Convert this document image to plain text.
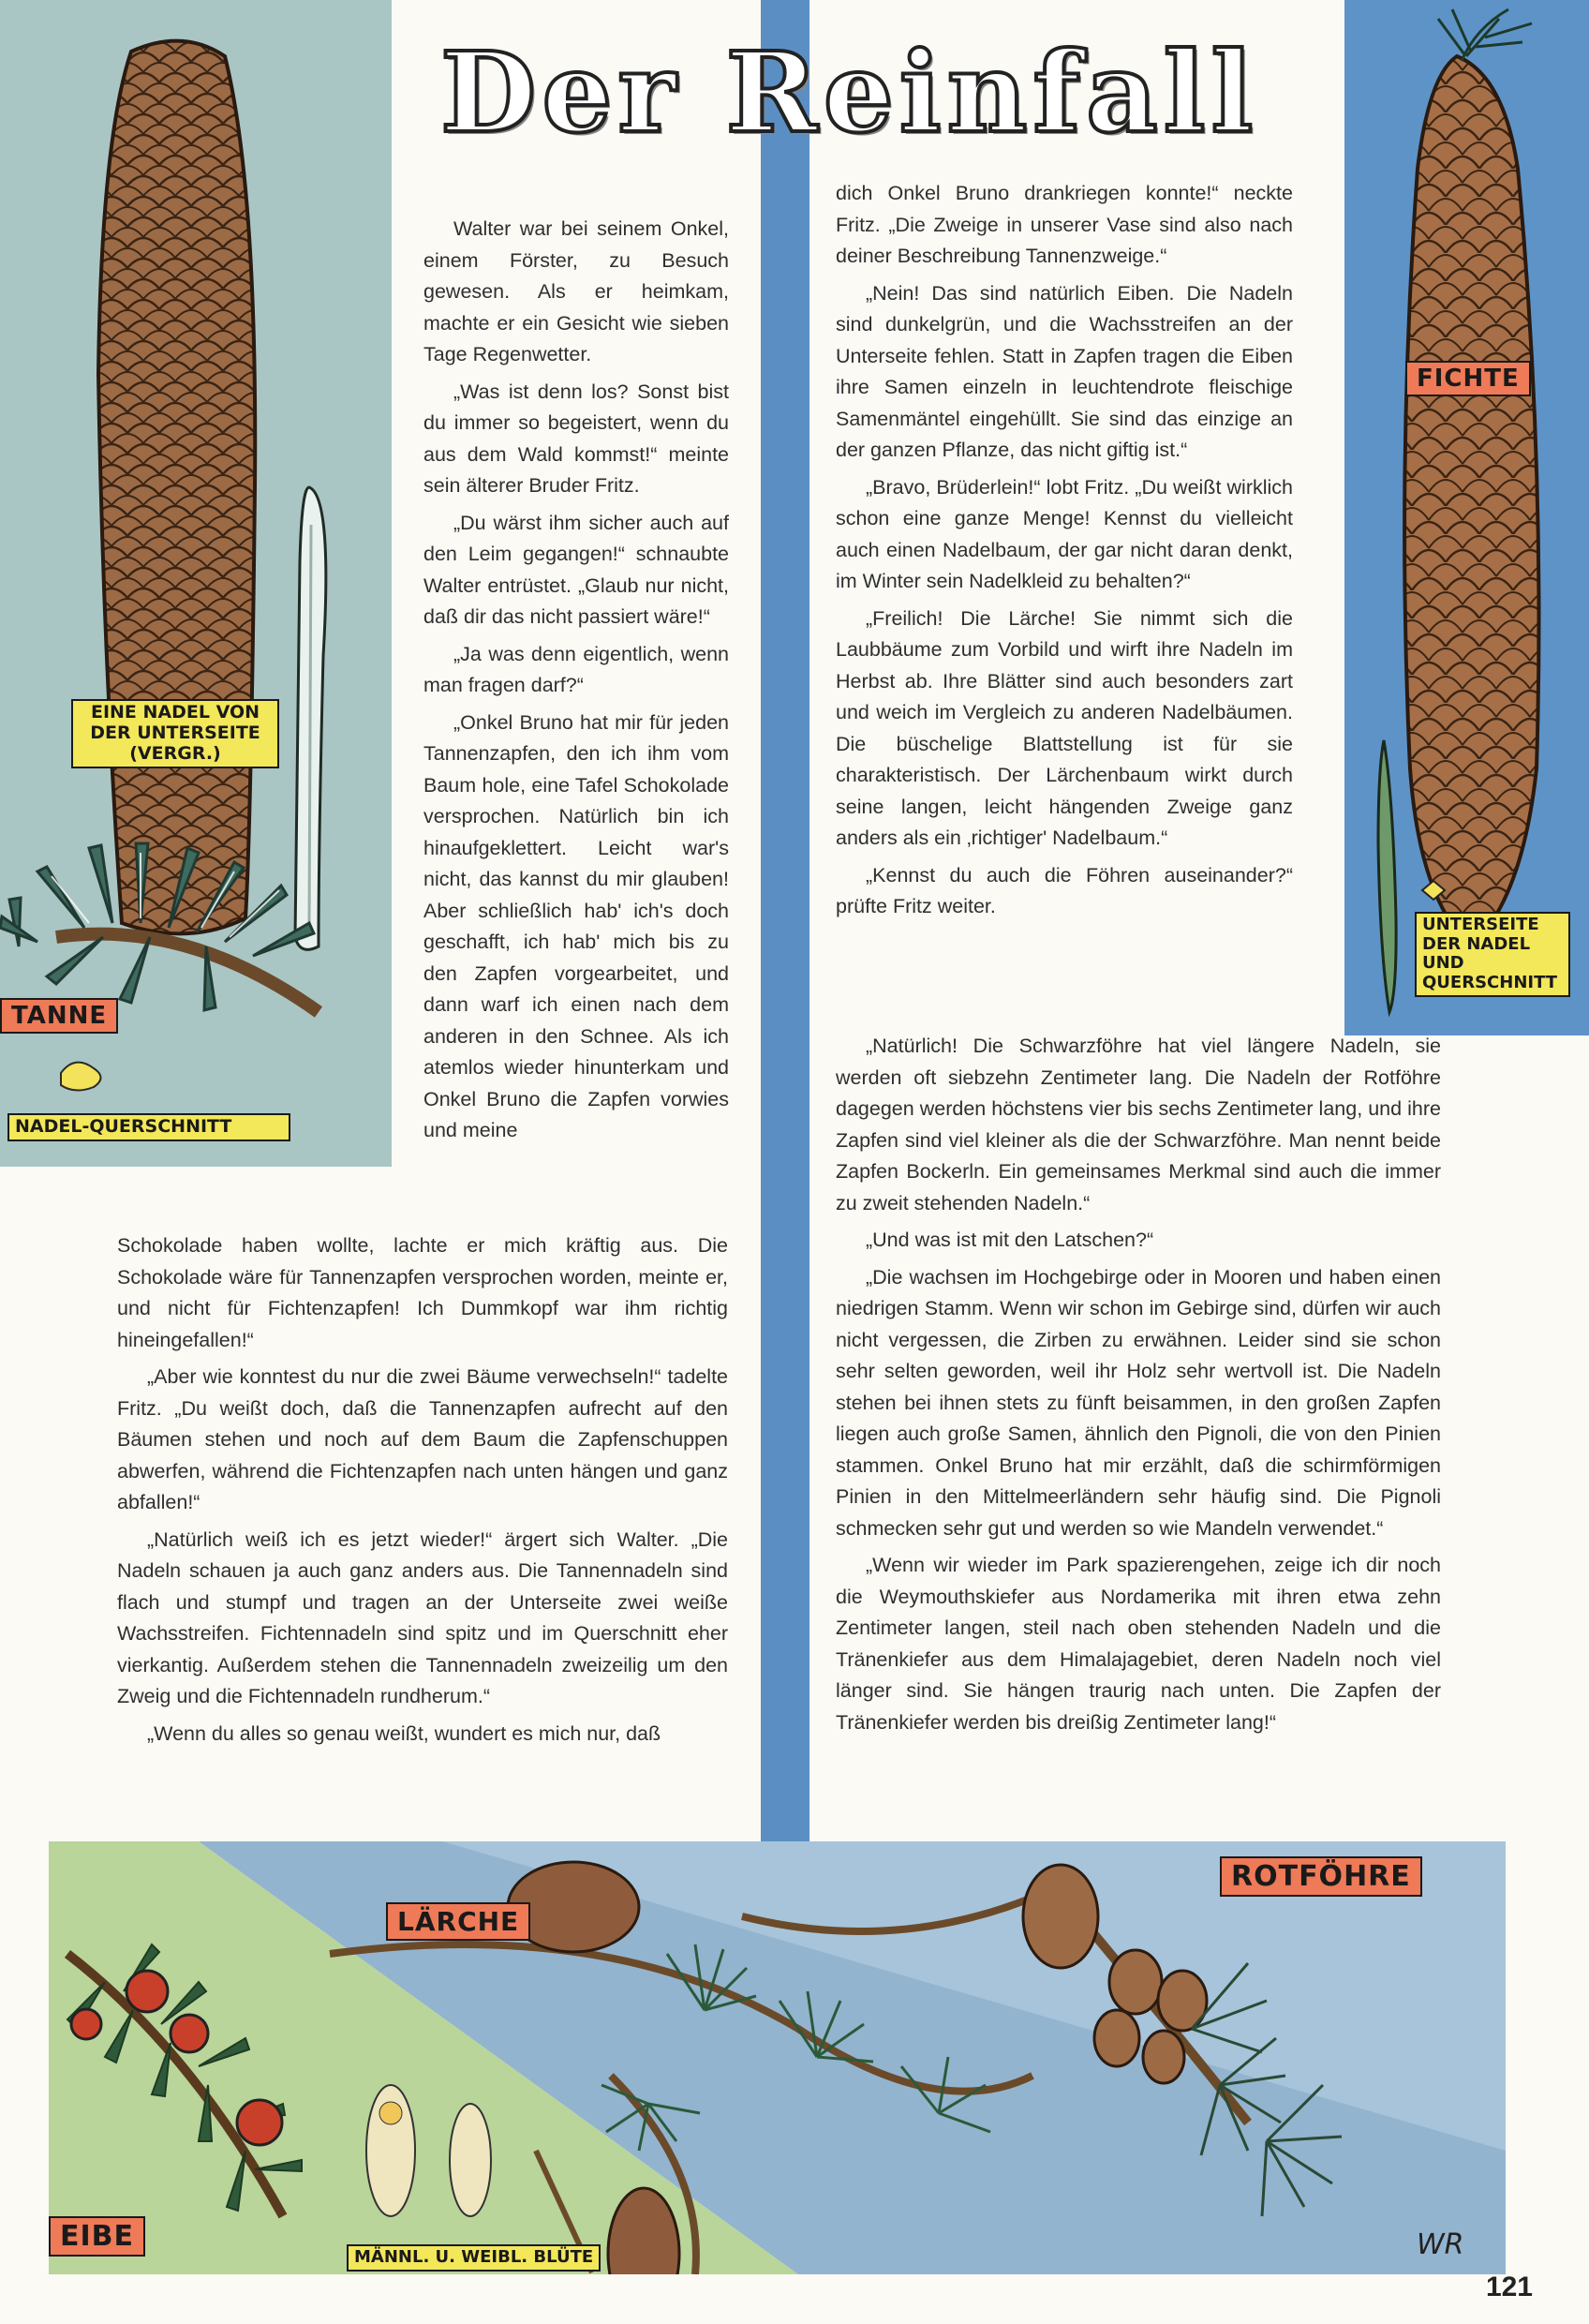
EINE NADEL VON DER UNTERSEITE (VERGR.)
TANNE
NADEL-QUERSCHNITT
FICHTE
UNTERSEITE DER NADEL UND QUERSCHNITT
Der Reinfall

Walter war bei seinem Onkel, einem Förster, zu Besuch gewesen. Als er heimkam, machte er ein Gesicht wie sieben Tage Regenwetter.

„Was ist denn los? Sonst bist du immer so begeistert, wenn du aus dem Wald kommst!“ meinte sein älterer Bruder Fritz.

„Du wärst ihm sicher auch auf den Leim gegangen!“ schnaubte Walter entrüstet. „Glaub nur nicht, daß dir das nicht passiert wäre!“

„Ja was denn eigentlich, wenn man fragen darf?“

„Onkel Bruno hat mir für jeden Tannenzapfen, den ich ihm vom Baum hole, eine Tafel Schokolade versprochen. Natürlich bin ich hinaufgeklettert. Leicht war's nicht, das kannst du mir glauben! Aber schließlich hab' ich's doch geschafft, ich hab' mich bis zu den Zapfen vorgearbeitet, und dann warf ich einen nach dem anderen in den Schnee. Als ich atemlos wieder hinunterkam und Onkel Bruno die Zapfen vorwies und meine

Schokolade haben wollte, lachte er mich kräftig aus. Die Schokolade wäre für Tannenzapfen versprochen worden, meinte er, und nicht für Fichtenzapfen! Ich Dummkopf war ihm richtig hineingefallen!“

„Aber wie konntest du nur die zwei Bäume verwechseln!“ tadelte Fritz. „Du weißt doch, daß die Tannenzapfen aufrecht auf den Bäumen stehen und noch auf dem Baum die Zapfenschuppen abwerfen, während die Fichtenzapfen nach unten hängen und ganz abfallen!“

„Natürlich weiß ich es jetzt wieder!“ ärgert sich Walter. „Die Nadeln schauen ja auch ganz anders aus. Die Tannennadeln sind flach und stumpf und tragen an der Unterseite zwei weiße Wachsstreifen. Fichtennadeln sind spitz und im Querschnitt eher vierkantig. Außerdem stehen die Tannennadeln zweizeilig um den Zweig und die Fichtennadeln rundherum.“

„Wenn du alles so genau weißt, wundert es mich nur, daß

dich Onkel Bruno drankriegen konnte!“ neckte Fritz. „Die Zweige in unserer Vase sind also nach deiner Beschreibung Tannenzweige.“

„Nein! Das sind natürlich Eiben. Die Nadeln sind dunkelgrün, und die Wachsstreifen an der Unterseite fehlen. Statt in Zapfen tragen die Eiben ihre Samen einzeln in leuchtendrote fleischige Samenmäntel eingehüllt. Sie sind das einzige an der ganzen Pflanze, das nicht giftig ist.“

„Bravo, Brüderlein!“ lobt Fritz. „Du weißt wirklich schon eine ganze Menge! Kennst du vielleicht auch einen Nadelbaum, der gar nicht daran denkt, im Winter sein Nadelkleid zu behalten?“

„Freilich! Die Lärche! Sie nimmt sich die Laubbäume zum Vorbild und wirft ihre Nadeln im Herbst ab. Ihre Blätter sind auch besonders zart und weich im Vergleich zu anderen Nadelbäumen. Die büschelige Blattstellung ist für sie charakteristisch. Der Lärchenbaum wirkt durch seine langen, leicht hängenden Zweige ganz anders als ein ‚richtiger' Nadelbaum.“

„Kennst du auch die Föhren auseinander?“ prüfte Fritz weiter.

„Natürlich! Die Schwarzföhre hat viel längere Nadeln, sie werden oft siebzehn Zentimeter lang. Die Nadeln der Rotföhre dagegen werden höchstens vier bis sechs Zentimeter lang, und ihre Zapfen sind viel kleiner als die der Schwarzföhre. Man nennt beide Zapfen Bockerln. Ein gemeinsames Merkmal sind auch die immer zu zweit stehenden Nadeln.“

„Und was ist mit den Latschen?“

„Die wachsen im Hochgebirge oder in Mooren und haben einen niedrigen Stamm. Wenn wir schon im Gebirge sind, dürfen wir auch nicht vergessen, die Zirben zu erwähnen. Leider sind sie schon sehr selten geworden, weil ihr Holz sehr wertvoll ist. Die Nadeln stehen bei ihnen stets zu fünft beisammen, in den großen Zapfen liegen auch große Samen, ähnlich den Pignoli, die von den Pinien stammen. Onkel Bruno hat mir erzählt, daß die schirmförmigen Pinien in den Mittelmeerländern sehr häufig sind. Die Pignoli schmecken sehr gut und werden so wie Mandeln verwendet.“

„Wenn wir wieder im Park spazierengehen, zeige ich dir noch die Weymouthskiefer aus Nordamerika mit ihren etwa zehn Zentimeter langen, steil nach oben stehenden Nadeln und die Tränenkiefer aus dem Himalajagebiet, deren Nadeln noch viel länger sind. Sie hängen traurig nach unten. Die Zapfen der Tränenkiefer werden bis dreißig Zentimeter lang!“

WR
LÄRCHE
ROTFÖHRE
EIBE
MÄNNL. U. WEIBL. BLÜTE
121
